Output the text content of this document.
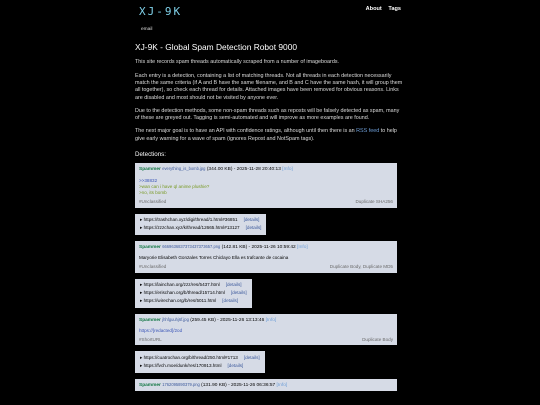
XJ-9K
email
About Tags
XJ-9K - Global Spam Detection Robot 9000

This site records spam threads automatically scraped from a number of imageboards.

Each entry is a detection, containing a list of matching threads. Not all threads in each detection necessarily match the same criteria (if A and B have the same filename, and B and C have the same hash, it will group them all together), so check each thread for details. Attached images have been removed for obvious reasons. Links are disabled and most should not be visited by anyone ever.

Due to the detection methods, some non-spam threads such as reposts will be falsely detected as spam, many of these are greyed out. Tagging is semi-automated and will improve as more examples are found.

The next major goal is to have an API with confidence ratings, although until then there is an RSS feed to help give early warning for a wave of spam (ignores Repost and NotSpam tags).

Detections:
Spammer everything_is_bomb.jpg (344.00 KB) - 2025-11-28 20:40:13 [Info]
>>38832
>wan can i have ql anime plushie?
>no, its bomb
#Unclassified	Duplicate SHA256
▸ https://trashchan.xyz/digi/thread/1.html#36851 [details]
▸ https://zzzchan.xyz/k/thread/12665.html#13127 [details]
Spammer 6669636837373437373657.png (142.81 KB) - 2025-11-26 10:59:42 [Info]
Maryorie Elisabeth Gonzales Torres Chiclayo Ella es trafcante de cocaina
#Unclassified	Duplicate Body, Duplicate MD5
▸ https://lainchan.org/zzz/res/5437.html [details]
▸ https://erischan.org/b/thread/15714.html [details]
▸ https://wirechan.org/b/res/5011.html [details]
Spammer jhhfguuhj6f.jpg (259.45 KB) - 2025-11-26 13:13:46 [Info]
https://[redacted]/2od
#ShortURL	Duplicate Body
▸ https://cuatrochan.org/b/thread/250.html#1713 [details]
▸ https://fvch.moe/dunk/res/170913.html [details]
Spammer 1762095890379.png (131.90 KB) - 2025-11-26 06:36:57 [Info]
